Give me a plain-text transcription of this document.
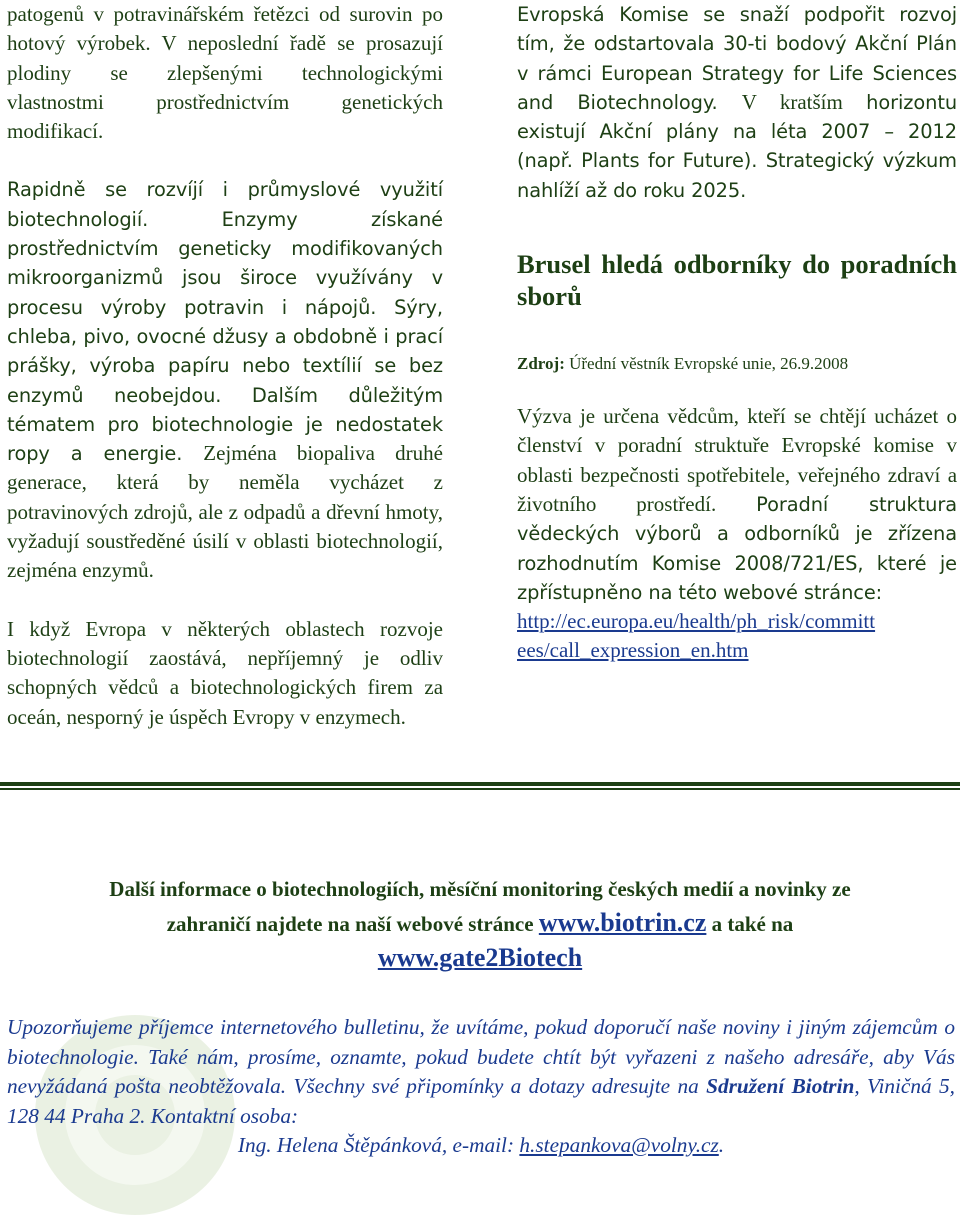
patogenů v potravinářském řetězci od surovin po hotový výrobek. V neposlední řadě se prosazují plodiny se zlepšenými technologickými vlastnostmi prostřednictvím genetických modifikací.

Rapidně se rozvíjí i průmyslové využití biotechnologií. Enzymy získané prostřednictvím geneticky modifikovaných mikroorganizmů jsou široce využívány v procesu výroby potravin i nápojů. Sýry, chleba, pivo, ovocné džusy a obdobně i prací prášky, výroba papíru nebo textílií se bez enzymů neobejdou. Dalším důležitým tématem pro biotechnologie je nedostatek ropy a energie. Zejména biopaliva druhé generace, která by neměla vycházet z potravinových zdrojů, ale z odpadů a dřevní hmoty, vyžadují soustředěné úsilí v oblasti biotechnologií, zejména enzymů.

I když Evropa v některých oblastech rozvoje biotechnologií zaostává, nepříjemný je odliv schopných vědců a biotechnologických firem za oceán, nesporný je úspěch Evropy v enzymech.

Evropská Komise se snaží podpořit rozvoj tím, že odstartovala 30-ti bodový Akční Plán v rámci European Strategy for Life Sciences and Biotechnology. V kratším horizontu existují Akční plány na léta 2007 – 2012 (např. Plants for Future). Strategický výzkum nahlíží až do roku 2025.

Brusel hledá odborníky do poradních sborů

Zdroj: Úřední věstník Evropské unie, 26.9.2008

Výzva je určena vědcům, kteří se chtějí ucházet o členství v poradní struktuře Evropské komise v oblasti bezpečnosti spotřebitele, veřejného zdraví a životního prostředí. Poradní struktura vědeckých výborů a odborníků je zřízena rozhodnutím Komise 2008/721/ES, které je zpřístupněno na této webové stránce:
http://ec.europa.eu/health/ph_risk/committ
ees/call_expression_en.htm

Další informace o biotechnologiích, měsíční monitoring českých medií a novinky ze
zahraničí najdete na naší webové stránce www.biotrin.cz a také na
www.gate2Biotech

Upozorňujeme příjemce internetového bulletinu, že uvítáme, pokud doporučí naše noviny i jiným zájemcům o biotechnologie. Také nám, prosíme, oznamte, pokud budete chtít být vyřazeni z našeho adresáře, aby Vás nevyžádaná pošta neobtěžovala. Všechny své připomínky a dotazy adresujte na Sdružení Biotrin, Viničná 5, 128 44 Praha 2. Kontaktní osoba:

Ing. Helena Štěpánková, e-mail: h.stepankova@volny.cz.
